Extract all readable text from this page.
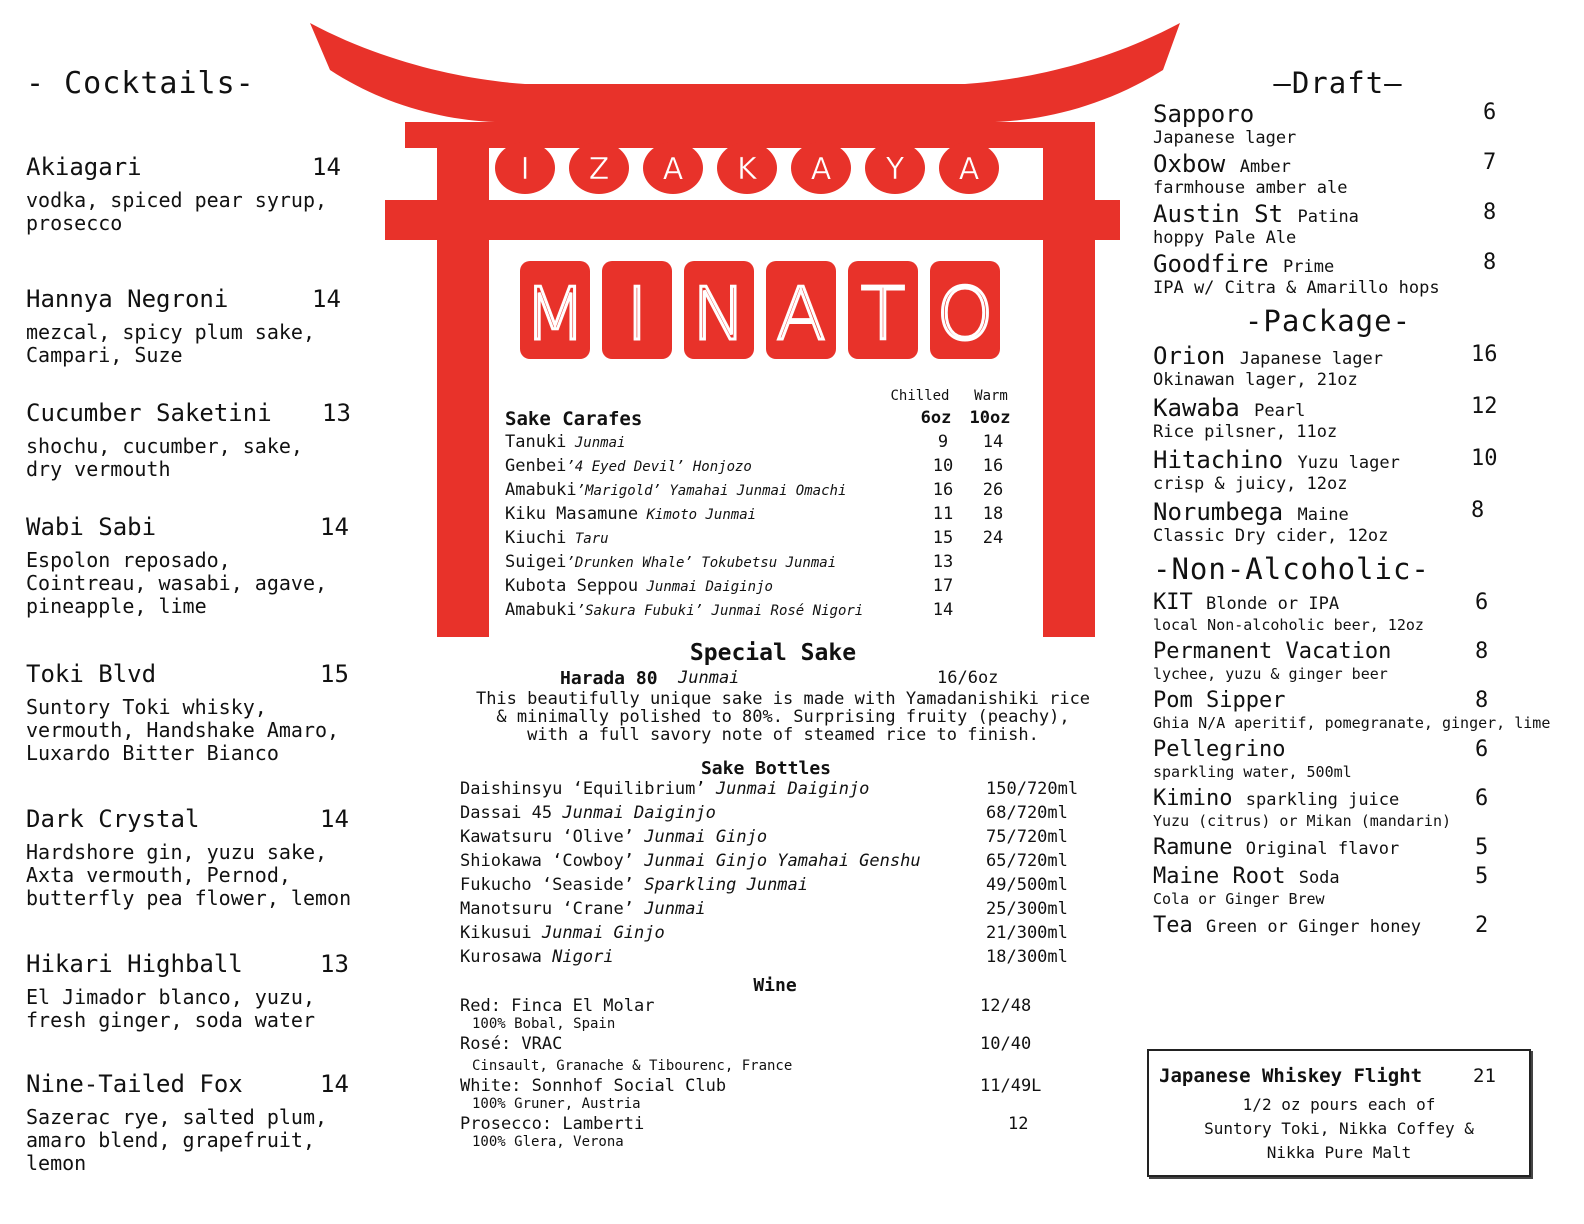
- Cocktails-
Akiagari	14
vodka, spiced pear syrup,
prosecco
Hannya Negroni	14
mezcal, spicy plum sake,
Campari, Suze
Cucumber Saketini	13
shochu, cucumber, sake,
dry vermouth
Wabi Sabi	14
Espolon reposado,
Cointreau, wasabi, agave,
pineapple, lime
Toki Blvd	15
Suntory Toki whisky,
vermouth, Handshake Amaro,
Luxardo Bitter Bianco
Dark Crystal	14
Hardshore gin, yuzu sake,
Axta vermouth, Pernod,
butterfly pea flower, lemon
Hikari Highball	13
El Jimador blanco, yuzu,
fresh ginger, soda water
Nine-Tailed Fox	14
Sazerac rye, salted plum,
amaro blend, grapefruit,
lemon
I Z A K A Y A
M I N A T O
Chilled	Warm
Sake Carafes	6oz	10oz
Tanuki Junmai	9	14
Genbei’4 Eyed Devil’ Honjozo	10	16
Amabuki’Marigold’ Yamahai Junmai Omachi	16	26
Kiku Masamune Kimoto Junmai	11	18
Kiuchi Taru	15	24
Suigei’Drunken Whale’ Tokubetsu Junmai	13
Kubota Seppou Junmai Daiginjo	17
Amabuki’Sakura Fubuki’ Junmai Rosé Nigori	14
Special Sake
Harada 80 Junmai	16/6oz
This beautifully unique sake is made with Yamadanishiki rice
& minimally polished to 80%. Surprising fruity (peachy),
with a full savory note of steamed rice to finish.
Sake Bottles
Daishinsyu ‘Equilibrium’ Junmai Daiginjo	150/720ml
Dassai 45 Junmai Daiginjo	68/720ml
Kawatsuru ‘Olive’ Junmai Ginjo	75/720ml
Shiokawa ‘Cowboy’ Junmai Ginjo Yamahai Genshu	65/720ml
Fukucho ‘Seaside’ Sparkling Junmai	49/500ml
Manotsuru ‘Crane’ Junmai	25/300ml
Kikusui Junmai Ginjo	21/300ml
Kurosawa Nigori	18/300ml
Wine
Red: Finca El Molar	12/48
100% Bobal, Spain
Rosé: VRAC	10/40
Cinsault, Granache & Tibourenc, France
White: Sonnhof Social Club	11/49L
100% Gruner, Austria
Prosecco: Lamberti	12
100% Glera, Verona
—Draft—
Sapporo	6
Japanese lager
Oxbow Amber	7
farmhouse amber ale
Austin St Patina	8
hoppy Pale Ale
Goodfire Prime	8
IPA w/ Citra & Amarillo hops
-Package-
Orion Japanese lager	16
Okinawan lager, 21oz
Kawaba Pearl	12
Rice pilsner, 11oz
Hitachino Yuzu lager	10
crisp & juicy, 12oz
Norumbega Maine	8
Classic Dry cider, 12oz
-Non-Alcoholic-
KIT Blonde or IPA	6
local Non-alcoholic beer, 12oz
Permanent Vacation	8
lychee, yuzu & ginger beer
Pom Sipper	8
Ghia N/A aperitif, pomegranate, ginger, lime
Pellegrino	6
sparkling water, 500ml
Kimino sparkling juice	6
Yuzu (citrus) or Mikan (mandarin)
Ramune Original flavor	5
Maine Root Soda	5
Cola or Ginger Brew
Tea Green or Ginger honey	2
Japanese Whiskey Flight	21
1/2 oz pours each of
Suntory Toki, Nikka Coffey &
Nikka Pure Malt
